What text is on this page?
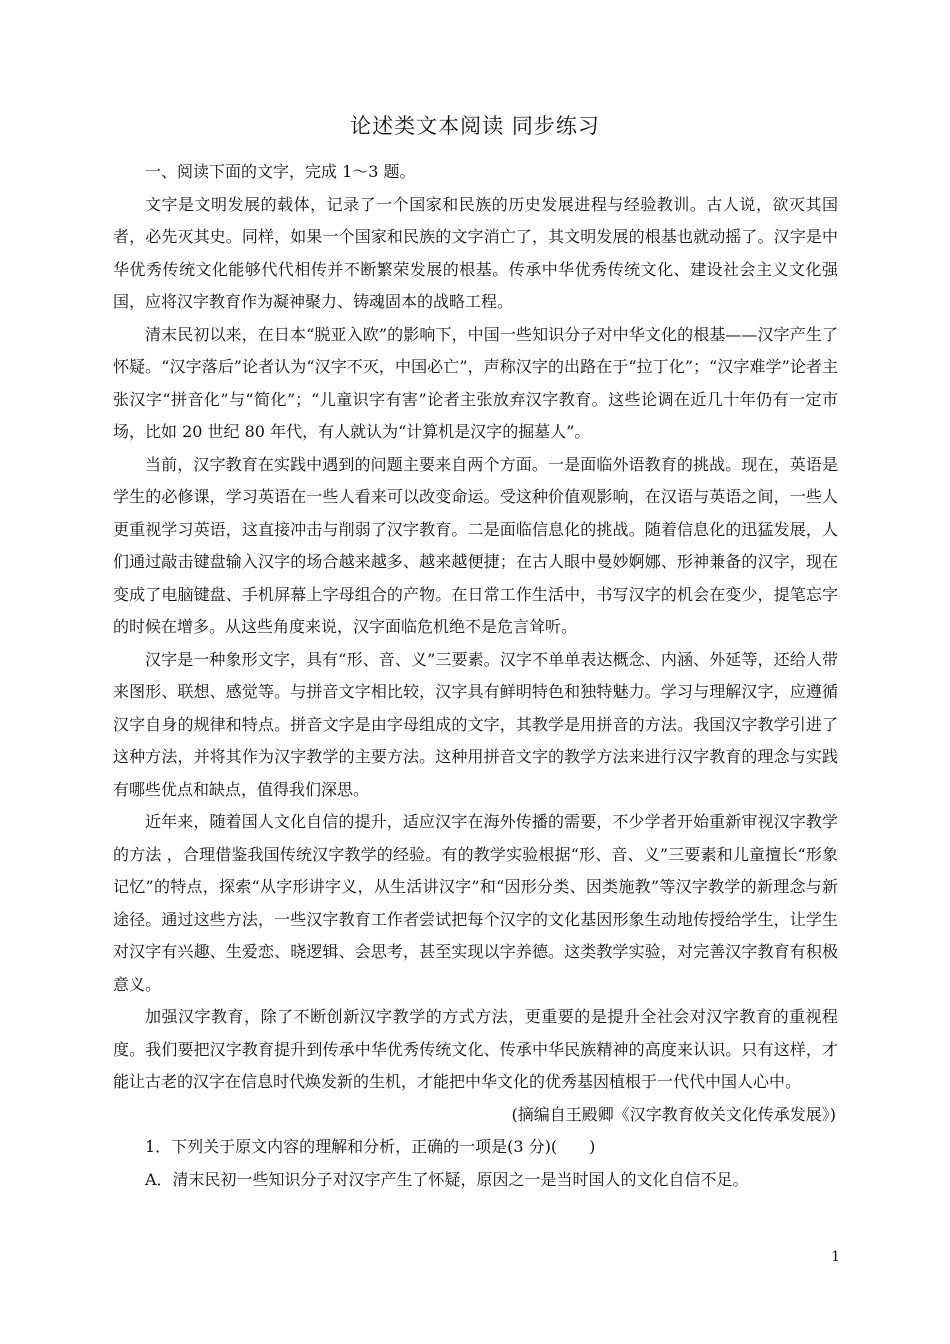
论述类文本阅读 同步练习

一、阅读下面的文字，完成 1～3 题。

文字是文明发展的载体，记录了一个国家和民族的历史发展进程与经验教训。古人说，欲灭其国者，必先灭其史。同样，如果一个国家和民族的文字消亡了，其文明发展的根基也就动摇了。汉字是中华优秀传统文化能够代代相传并不断繁荣发展的根基。传承中华优秀传统文化、建设社会主义文化强国，应将汉字教育作为凝神聚力、铸魂固本的战略工程。

清末民初以来，在日本“脱亚入欧”的影响下，中国一些知识分子对中华文化的根基——汉字产生了怀疑。“汉字落后”论者认为“汉字不灭，中国必亡”，声称汉字的出路在于“拉丁化”；“汉字难学”论者主张汉字“拼音化”与“简化”；“儿童识字有害”论者主张放弃汉字教育。这些论调在近几十年仍有一定市场，比如 20 世纪 80 年代，有人就认为“计算机是汉字的掘墓人”。

当前，汉字教育在实践中遇到的问题主要来自两个方面。一是面临外语教育的挑战。现在，英语是学生的必修课，学习英语在一些人看来可以改变命运。受这种价值观影响，在汉语与英语之间，一些人更重视学习英语，这直接冲击与削弱了汉字教育。二是面临信息化的挑战。随着信息化的迅猛发展，人们通过敲击键盘输入汉字的场合越来越多、越来越便捷；在古人眼中曼妙婀娜、形神兼备的汉字，现在变成了电脑键盘、手机屏幕上字母组合的产物。在日常工作生活中，书写汉字的机会在变少，提笔忘字的时候在增多。从这些角度来说，汉字面临危机绝不是危言耸听。

汉字是一种象形文字，具有“形、音、义”三要素。汉字不单单表达概念、内涵、外延等，还给人带来图形、联想、感觉等。与拼音文字相比较，汉字具有鲜明特色和独特魅力。学习与理解汉字，应遵循汉字自身的规律和特点。拼音文字是由字母组成的文字，其教学是用拼音的方法。我国汉字教学引进了这种方法，并将其作为汉字教学的主要方法。这种用拼音文字的教学方法来进行汉字教育的理念与实践有哪些优点和缺点，值得我们深思。

近年来，随着国人文化自信的提升，适应汉字在海外传播的需要，不少学者开始重新审视汉字教学的方法 ，合理借鉴我国传统汉字教学的经验。有的教学实验根据“形、音、义”三要素和儿童擅长“形象记忆”的特点，探索“从字形讲字义，从生活讲汉字”和“因形分类、因类施教”等汉字教学的新理念与新途径。通过这些方法，一些汉字教育工作者尝试把每个汉字的文化基因形象生动地传授给学生，让学生对汉字有兴趣、生爱恋、晓逻辑、会思考，甚至实现以字养德。这类教学实验，对完善汉字教育有积极意义。

加强汉字教育，除了不断创新汉字教学的方式方法，更重要的是提升全社会对汉字教育的重视程度。我们要把汉字教育提升到传承中华优秀传统文化、传承中华民族精神的高度来认识。只有这样，才能让古老的汉字在信息时代焕发新的生机，才能把中华文化的优秀基因植根于一代代中国人心中。

(摘编自王殿卿《汉字教育攸关文化传承发展》)

1．下列关于原文内容的理解和分析，正确的一项是(3 分)(　　)

A．清末民初一些知识分子对汉字产生了怀疑，原因之一是当时国人的文化自信不足。

1
